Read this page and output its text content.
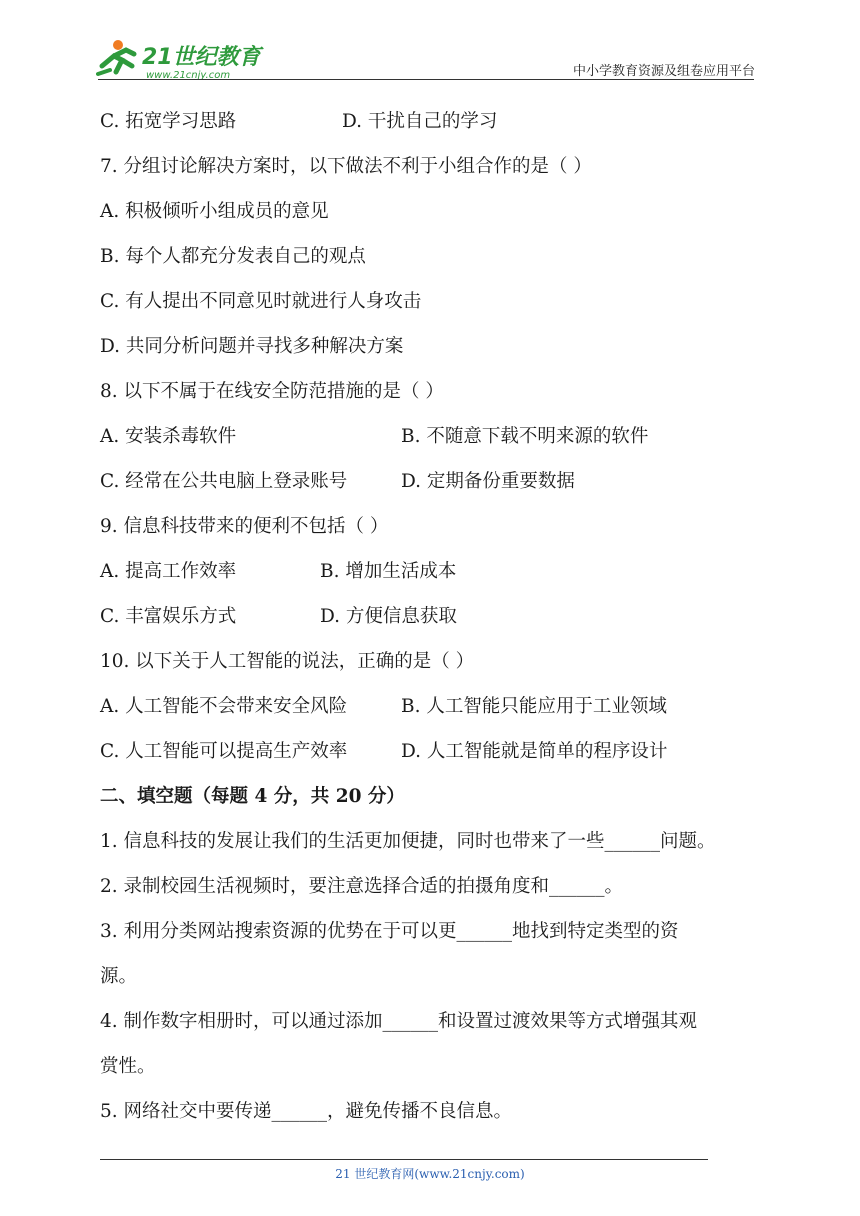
21世纪教育
www.21cnjy.com	中小学教育资源及组卷应用平台
C. 拓宽学习思路	D. 干扰自己的学习
7. 分组讨论解决方案时，以下做法不利于小组合作的是（ ）
A. 积极倾听小组成员的意见
B. 每个人都充分发表自己的观点
C. 有人提出不同意见时就进行人身攻击
D. 共同分析问题并寻找多种解决方案
8. 以下不属于在线安全防范措施的是（ ）
A. 安装杀毒软件	B. 不随意下载不明来源的软件
C. 经常在公共电脑上登录账号	D. 定期备份重要数据
9. 信息科技带来的便利不包括（ ）
A. 提高工作效率	B. 增加生活成本
C. 丰富娱乐方式	D. 方便信息获取
10. 以下关于人工智能的说法，正确的是（ ）
A. 人工智能不会带来安全风险	B. 人工智能只能应用于工业领域
C. 人工智能可以提高生产效率	D. 人工智能就是简单的程序设计
二、填空题（每题 4 分，共 20 分）
1. 信息科技的发展让我们的生活更加便捷，同时也带来了一些______问题。
2. 录制校园生活视频时，要注意选择合适的拍摄角度和______。
3. 利用分类网站搜索资源的优势在于可以更______地找到特定类型的资
源。
4. 制作数字相册时，可以通过添加______和设置过渡效果等方式增强其观
赏性。
5. 网络社交中要传递______，避免传播不良信息。
21 世纪教育网(www.21cnjy.com)
